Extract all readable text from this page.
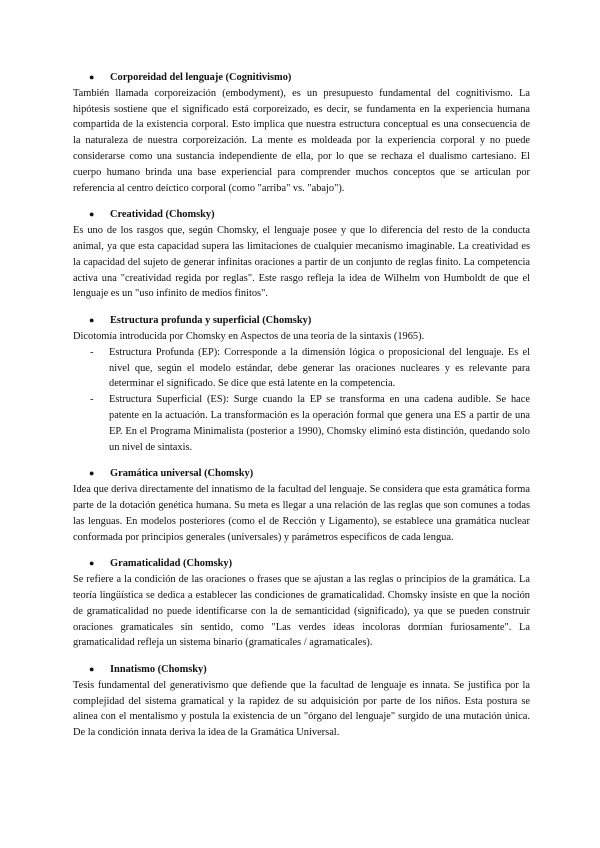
● Corporeidad del lenguaje (Cognitivismo)

También llamada corporeización (embodyment), es un presupuesto fundamental del cognitivismo. La hipótesis sostiene que el significado está corporeizado, es decir, se fundamenta en la experiencia humana compartida de la existencia corporal. Esto implica que nuestra estructura conceptual es una consecuencia de la naturaleza de nuestra corporeización. La mente es moldeada por la experiencia corporal y no puede considerarse como una sustancia independiente de ella, por lo que se rechaza el dualismo cartesiano. El cuerpo humano brinda una base experiencial para comprender muchos conceptos que se articulan por referencia al centro deíctico corporal (como "arriba" vs. "abajo").

● Creatividad (Chomsky)

Es uno de los rasgos que, según Chomsky, el lenguaje posee y que lo diferencia del resto de la conducta animal, ya que esta capacidad supera las limitaciones de cualquier mecanismo imaginable. La creatividad es la capacidad del sujeto de generar infinitas oraciones a partir de un conjunto de reglas finito. La competencia activa una "creatividad regida por reglas". Este rasgo refleja la idea de Wilhelm von Humboldt de que el lenguaje es un "uso infinito de medios finitos".

● Estructura profunda y superficial (Chomsky)

Dicotomía introducida por Chomsky en Aspectos de una teoría de la sintaxis (1965).

- Estructura Profunda (EP): Corresponde a la dimensión lógica o proposicional del lenguaje. Es el nivel que, según el modelo estándar, debe generar las oraciones nucleares y es relevante para determinar el significado. Se dice que está latente en la competencia.
- Estructura Superficial (ES): Surge cuando la EP se transforma en una cadena audible. Se hace patente en la actuación. La transformación es la operación formal que genera una ES a partir de una EP. En el Programa Minimalista (posterior a 1990), Chomsky eliminó esta distinción, quedando solo un nivel de sintaxis.

● Gramática universal (Chomsky)

Idea que deriva directamente del innatismo de la facultad del lenguaje. Se considera que esta gramática forma parte de la dotación genética humana. Su meta es llegar a una relación de las reglas que son comunes a todas las lenguas. En modelos posteriores (como el de Rección y Ligamento), se establece una gramática nuclear conformada por principios generales (universales) y parámetros específicos de cada lengua.

● Gramaticalidad (Chomsky)

Se refiere a la condición de las oraciones o frases que se ajustan a las reglas o principios de la gramática. La teoría lingüística se dedica a establecer las condiciones de gramaticalidad. Chomsky insiste en que la noción de gramaticalidad no puede identificarse con la de semanticidad (significado), ya que se pueden construir oraciones gramaticales sin sentido, como "Las verdes ideas incoloras dormían furiosamente". La gramaticalidad refleja un sistema binario (gramaticales / agramaticales).

● Innatismo (Chomsky)

Tesis fundamental del generativismo que defiende que la facultad de lenguaje es innata. Se justifica por la complejidad del sistema gramatical y la rapidez de su adquisición por parte de los niños. Esta postura se alinea con el mentalismo y postula la existencia de un "órgano del lenguaje" surgido de una mutación única. De la condición innata deriva la idea de la Gramática Universal.
